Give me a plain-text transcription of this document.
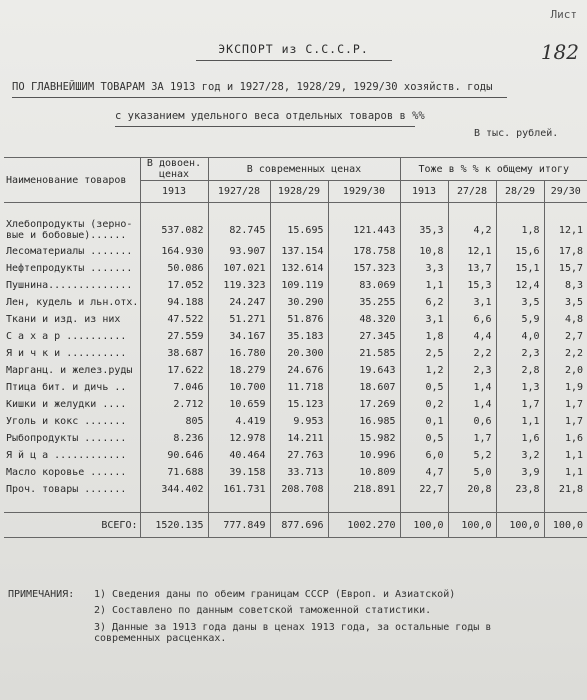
Лист
182
ЭКСПОРТ из С.С.С.Р.
ПО ГЛАВНЕЙШИМ ТОВАРАМ ЗА 1913 год и 1927/28, 1928/29, 1929/30 хозяйств. годы
с указанием удельного веса отдельных товаров в %%
В тыс. рублей.
Наименование товаров	В довоен. ценах	В современных ценах			Тоже в % % к общему итогу			
	1913	1927/28	1928/29	1929/30	1913	27/28	28/29	29/30

Хлебопродукты (зерно-вые и бобовые)......	537.082	82.745	15.695	121.443	35,3	4,2	1,8	12,1
Лесоматериалы .......	164.930	93.907	137.154	178.758	10,8	12,1	15,6	17,8
Нефтепродукты .......	50.086	107.021	132.614	157.323	3,3	13,7	15,1	15,7
Пушнина..............	17.052	119.323	109.119	83.069	1,1	15,3	12,4	8,3
Лен, кудель и льн.отх.	94.188	24.247	30.290	35.255	6,2	3,1	3,5	3,5
Ткани и изд. из них	47.522	51.271	51.876	48.320	3,1	6,6	5,9	4,8
С а х а р ..........	27.559	34.167	35.183	27.345	1,8	4,4	4,0	2,7
Я и ч к и ..........	38.687	16.780	20.300	21.585	2,5	2,2	2,3	2,2
Марганц. и желез.руды	17.622	18.279	24.676	19.643	1,2	2,3	2,8	2,0
Птица бит. и дичь ..	7.046	10.700	11.718	18.607	0,5	1,4	1,3	1,9
Кишки и желудки ....	2.712	10.659	15.123	17.269	0,2	1,4	1,7	1,7
Уголь и кокс .......	805	4.419	9.953	16.985	0,1	0,6	1,1	1,7
Рыбопродукты .......	8.236	12.978	14.211	15.982	0,5	1,7	1,6	1,6
Я й ц а ............	90.646	40.464	27.763	10.996	6,0	5,2	3,2	1,1
Масло коровье ......	71.688	39.158	33.713	10.809	4,7	5,0	3,9	1,1
Проч. товары .......	344.402	161.731	208.708	218.891	22,7	20,8	23,8	21,8

ВСЕГО:	1520.135	777.849	877.696	1002.270	100,0	100,0	100,0	100,0
ПРИМЕЧАНИЯ: 1) Сведения даны по обеим границам СССР (Европ. и Азиатской)
2) Составлено по данным советской таможенной статистики.
3) Данные за 1913 года даны в ценах 1913 года, за остальные годы в современных расценках.
